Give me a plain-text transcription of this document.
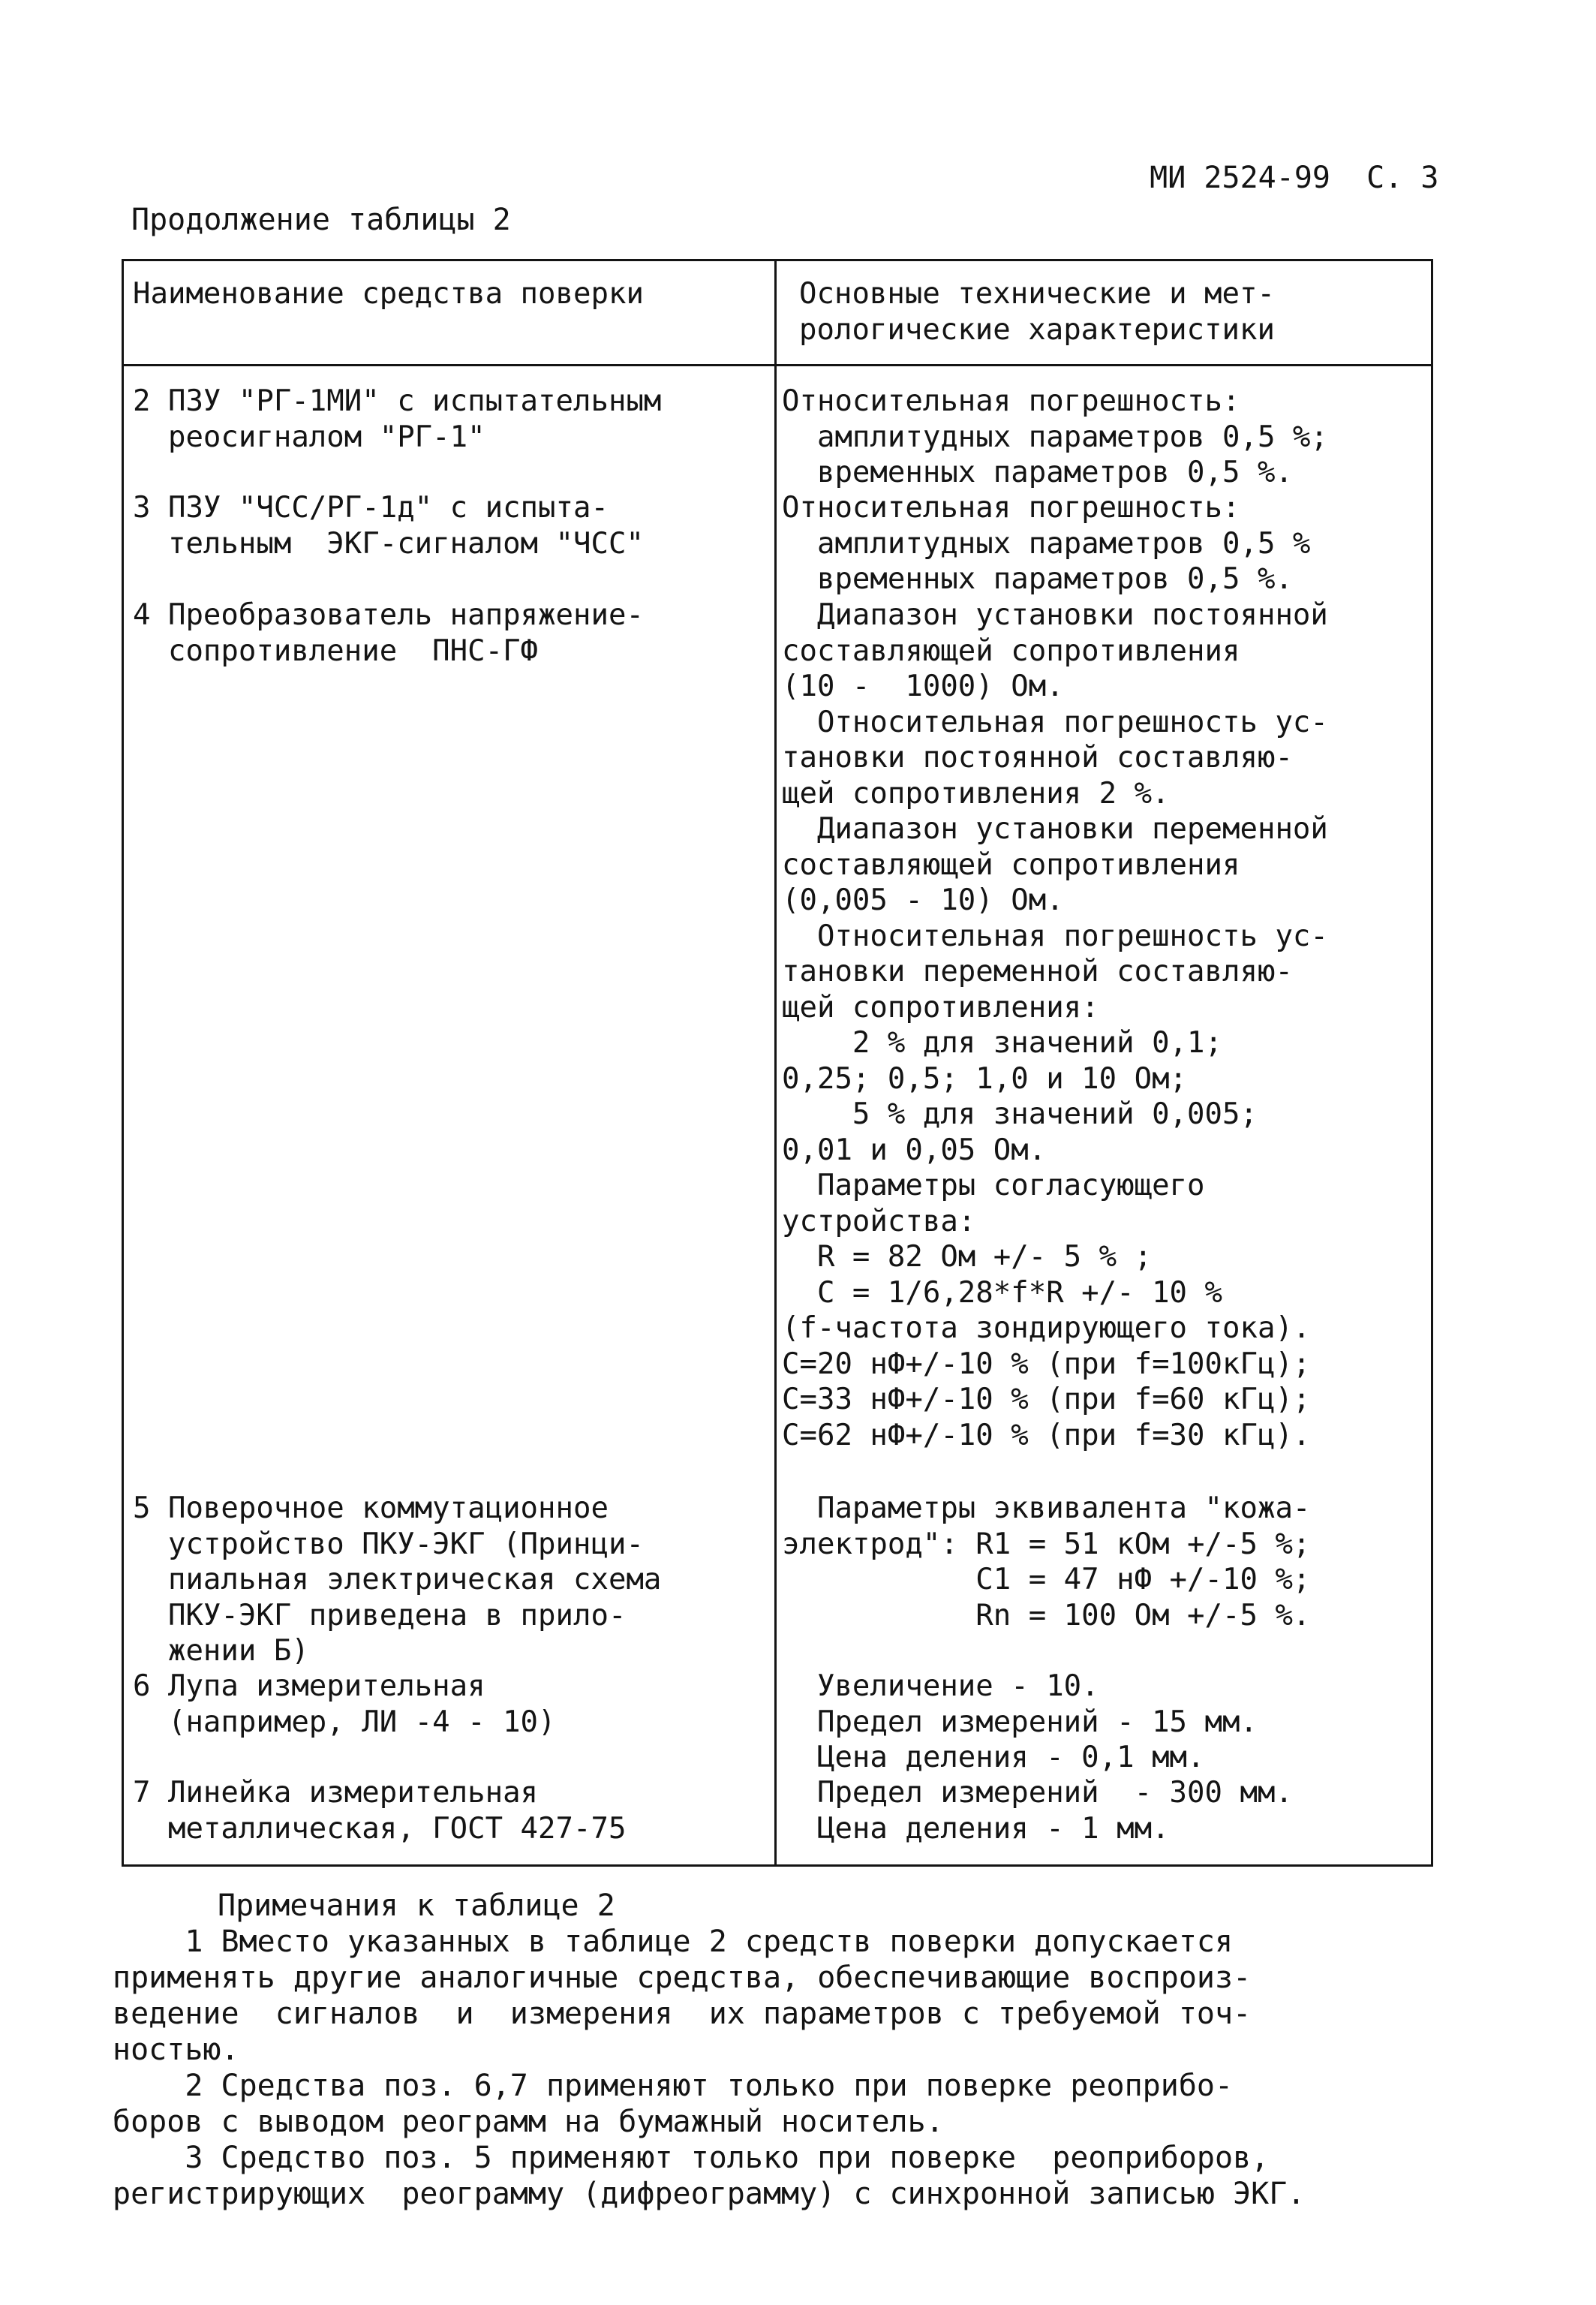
МИ 2524-99 С. 3

Продолжение таблицы 2
Наименование средства поверки	Основные технические и мет-
рологические характеристики
2 ПЗУ "РГ-1МИ" с испытательным
реосигналом "РГ-1"
Относительная погрешность:
амплитудных параметров 0,5 %;
временных параметров 0,5 %.
3 ПЗУ "ЧСС/РГ-1д" с испыта-
тельным  ЭКГ-сигналом "ЧСС"
Относительная погрешность:
амплитудных параметров 0,5 %
временных параметров 0,5 %.
4 Преобразователь напряжение-
сопротивление  ПНС-ГФ
Диапазон установки постоянной
составляющей сопротивления
(10 -  1000) Ом.
Относительная погрешность ус-
тановки постоянной составляю-
щей сопротивления 2 %.
Диапазон установки переменной
составляющей сопротивления
(0,005 - 10) Ом.
Относительная погрешность ус-
тановки переменной составляю-
щей сопротивления:
2 % для значений 0,1;
0,25; 0,5; 1,0 и 10 Ом;
5 % для значений 0,005;
0,01 и 0,05 Ом.
Параметры согласующего
устройства:
R = 82 Ом +/- 5 % ;
C = 1/6,28*f*R +/- 10 %
(f-частота зондирующего тока).
C=20 нФ+/-10 % (при f=100кГц);
C=33 нФ+/-10 % (при f=60 кГц);
C=62 нФ+/-10 % (при f=30 кГц).
5 Поверочное коммутационное
устройство ПКУ-ЭКГ (Принци-
пиальная электрическая схема
ПКУ-ЭКГ приведена в прило-
жении Б)
Параметры эквивалента "кожа-
электрод": R1 = 51 кОм +/-5 %;
C1 = 47 нФ +/-10 %;
Rn = 100 Ом +/-5 %.
6 Лупа измерительная
(например, ЛИ -4 - 10)
Увеличение - 10.
Предел измерений - 15 мм.
Цена деления - 0,1 мм.
7 Линейка измерительная
металлическая, ГОСТ 427-75
Предел измерений  - 300 мм.
Цена деления - 1 мм.
Примечания к таблице 2
1 Вместо указанных в таблице 2 средств поверки допускается
применять другие аналогичные средства, обеспечивающие воспроиз-
ведение  сигналов  и  измерения  их параметров с требуемой точ-
ностью.
2 Средства поз. 6,7 применяют только при поверке реоприбо-
боров с выводом реограмм на бумажный носитель.
3 Средство поз. 5 применяют только при поверке  реоприборов,
регистрирующих  реограмму (дифреограмму) с синхронной записью ЭКГ.
